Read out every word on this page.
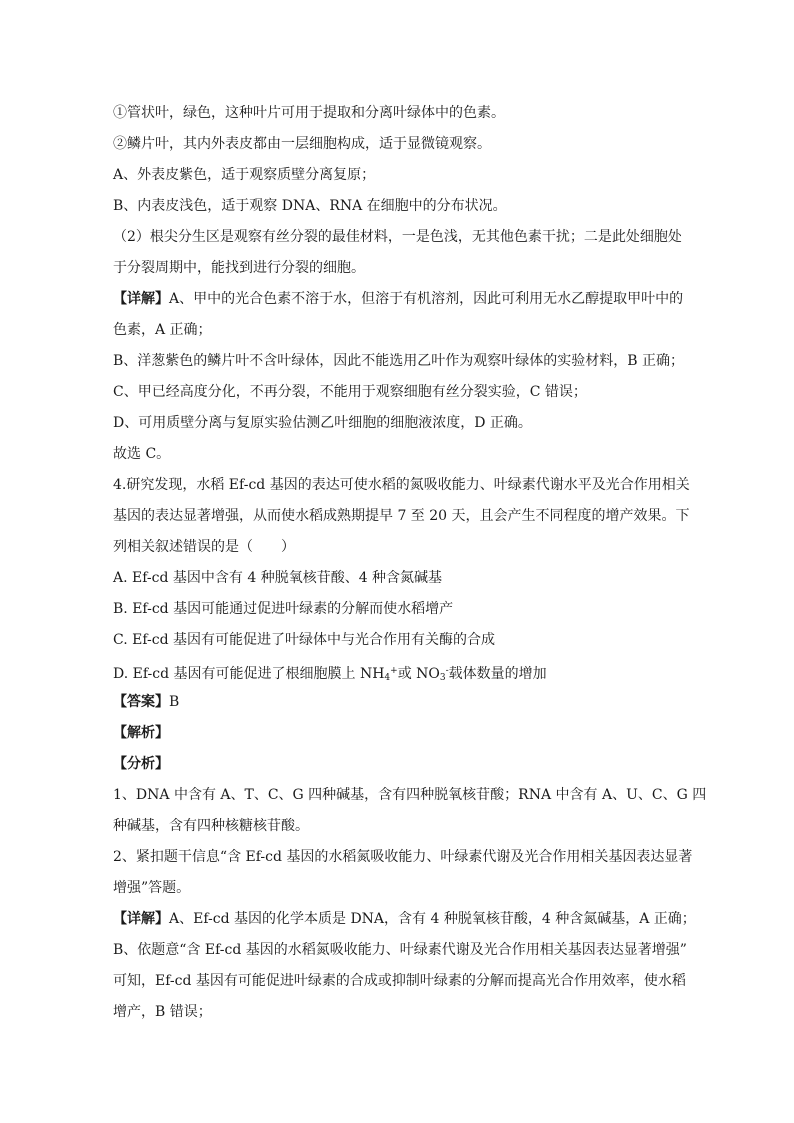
①管状叶，绿色，这种叶片可用于提取和分离叶绿体中的色素。
②鳞片叶，其内外表皮都由一层细胞构成，适于显微镜观察。
A、外表皮紫色，适于观察质壁分离复原；
B、内表皮浅色，适于观察 DNA、RNA 在细胞中的分布状况。
（2）根尖分生区是观察有丝分裂的最佳材料，一是色浅，无其他色素干扰；二是此处细胞处
于分裂周期中，能找到进行分裂的细胞。
【详解】A、甲中的光合色素不溶于水，但溶于有机溶剂，因此可利用无水乙醇提取甲叶中的
色素，A 正确；
B、洋葱紫色的鳞片叶不含叶绿体，因此不能选用乙叶作为观察叶绿体的实验材料，B 正确；
C、甲已经高度分化，不再分裂，不能用于观察细胞有丝分裂实验，C 错误；
D、可用质壁分离与复原实验估测乙叶细胞的细胞液浓度，D 正确。
故选 C。
4.研究发现，水稻 Ef-cd 基因的表达可使水稻的氮吸收能力、叶绿素代谢水平及光合作用相关
基因的表达显著增强，从而使水稻成熟期提早 7 至 20 天，且会产生不同程度的增产效果。下
列相关叙述错误的是（　　）
A. Ef-cd 基因中含有 4 种脱氧核苷酸、4 种含氮碱基
B. Ef-cd 基因可能通过促进叶绿素的分解而使水稻增产
C. Ef-cd 基因有可能促进了叶绿体中与光合作用有关酶的合成
D. Ef-cd 基因有可能促进了根细胞膜上 $NH_4^+$或 $NO_3^-$载体数量的增加
【答案】B
【解析】
【分析】
1、DNA 中含有 A、T、C、G 四种碱基，含有四种脱氧核苷酸；RNA 中含有 A、U、C、G 四
种碱基，含有四种核糖核苷酸。
2、紧扣题干信息“含 Ef-cd 基因的水稻氮吸收能力、叶绿素代谢及光合作用相关基因表达显著
增强”答题。
【详解】A、Ef-cd 基因的化学本质是 DNA，含有 4 种脱氧核苷酸，4 种含氮碱基，A 正确；
B、依题意“含 Ef-cd 基因的水稻氮吸收能力、叶绿素代谢及光合作用相关基因表达显著增强”
可知，Ef-cd 基因有可能促进叶绿素的合成或抑制叶绿素的分解而提高光合作用效率，使水稻
增产，B 错误；
